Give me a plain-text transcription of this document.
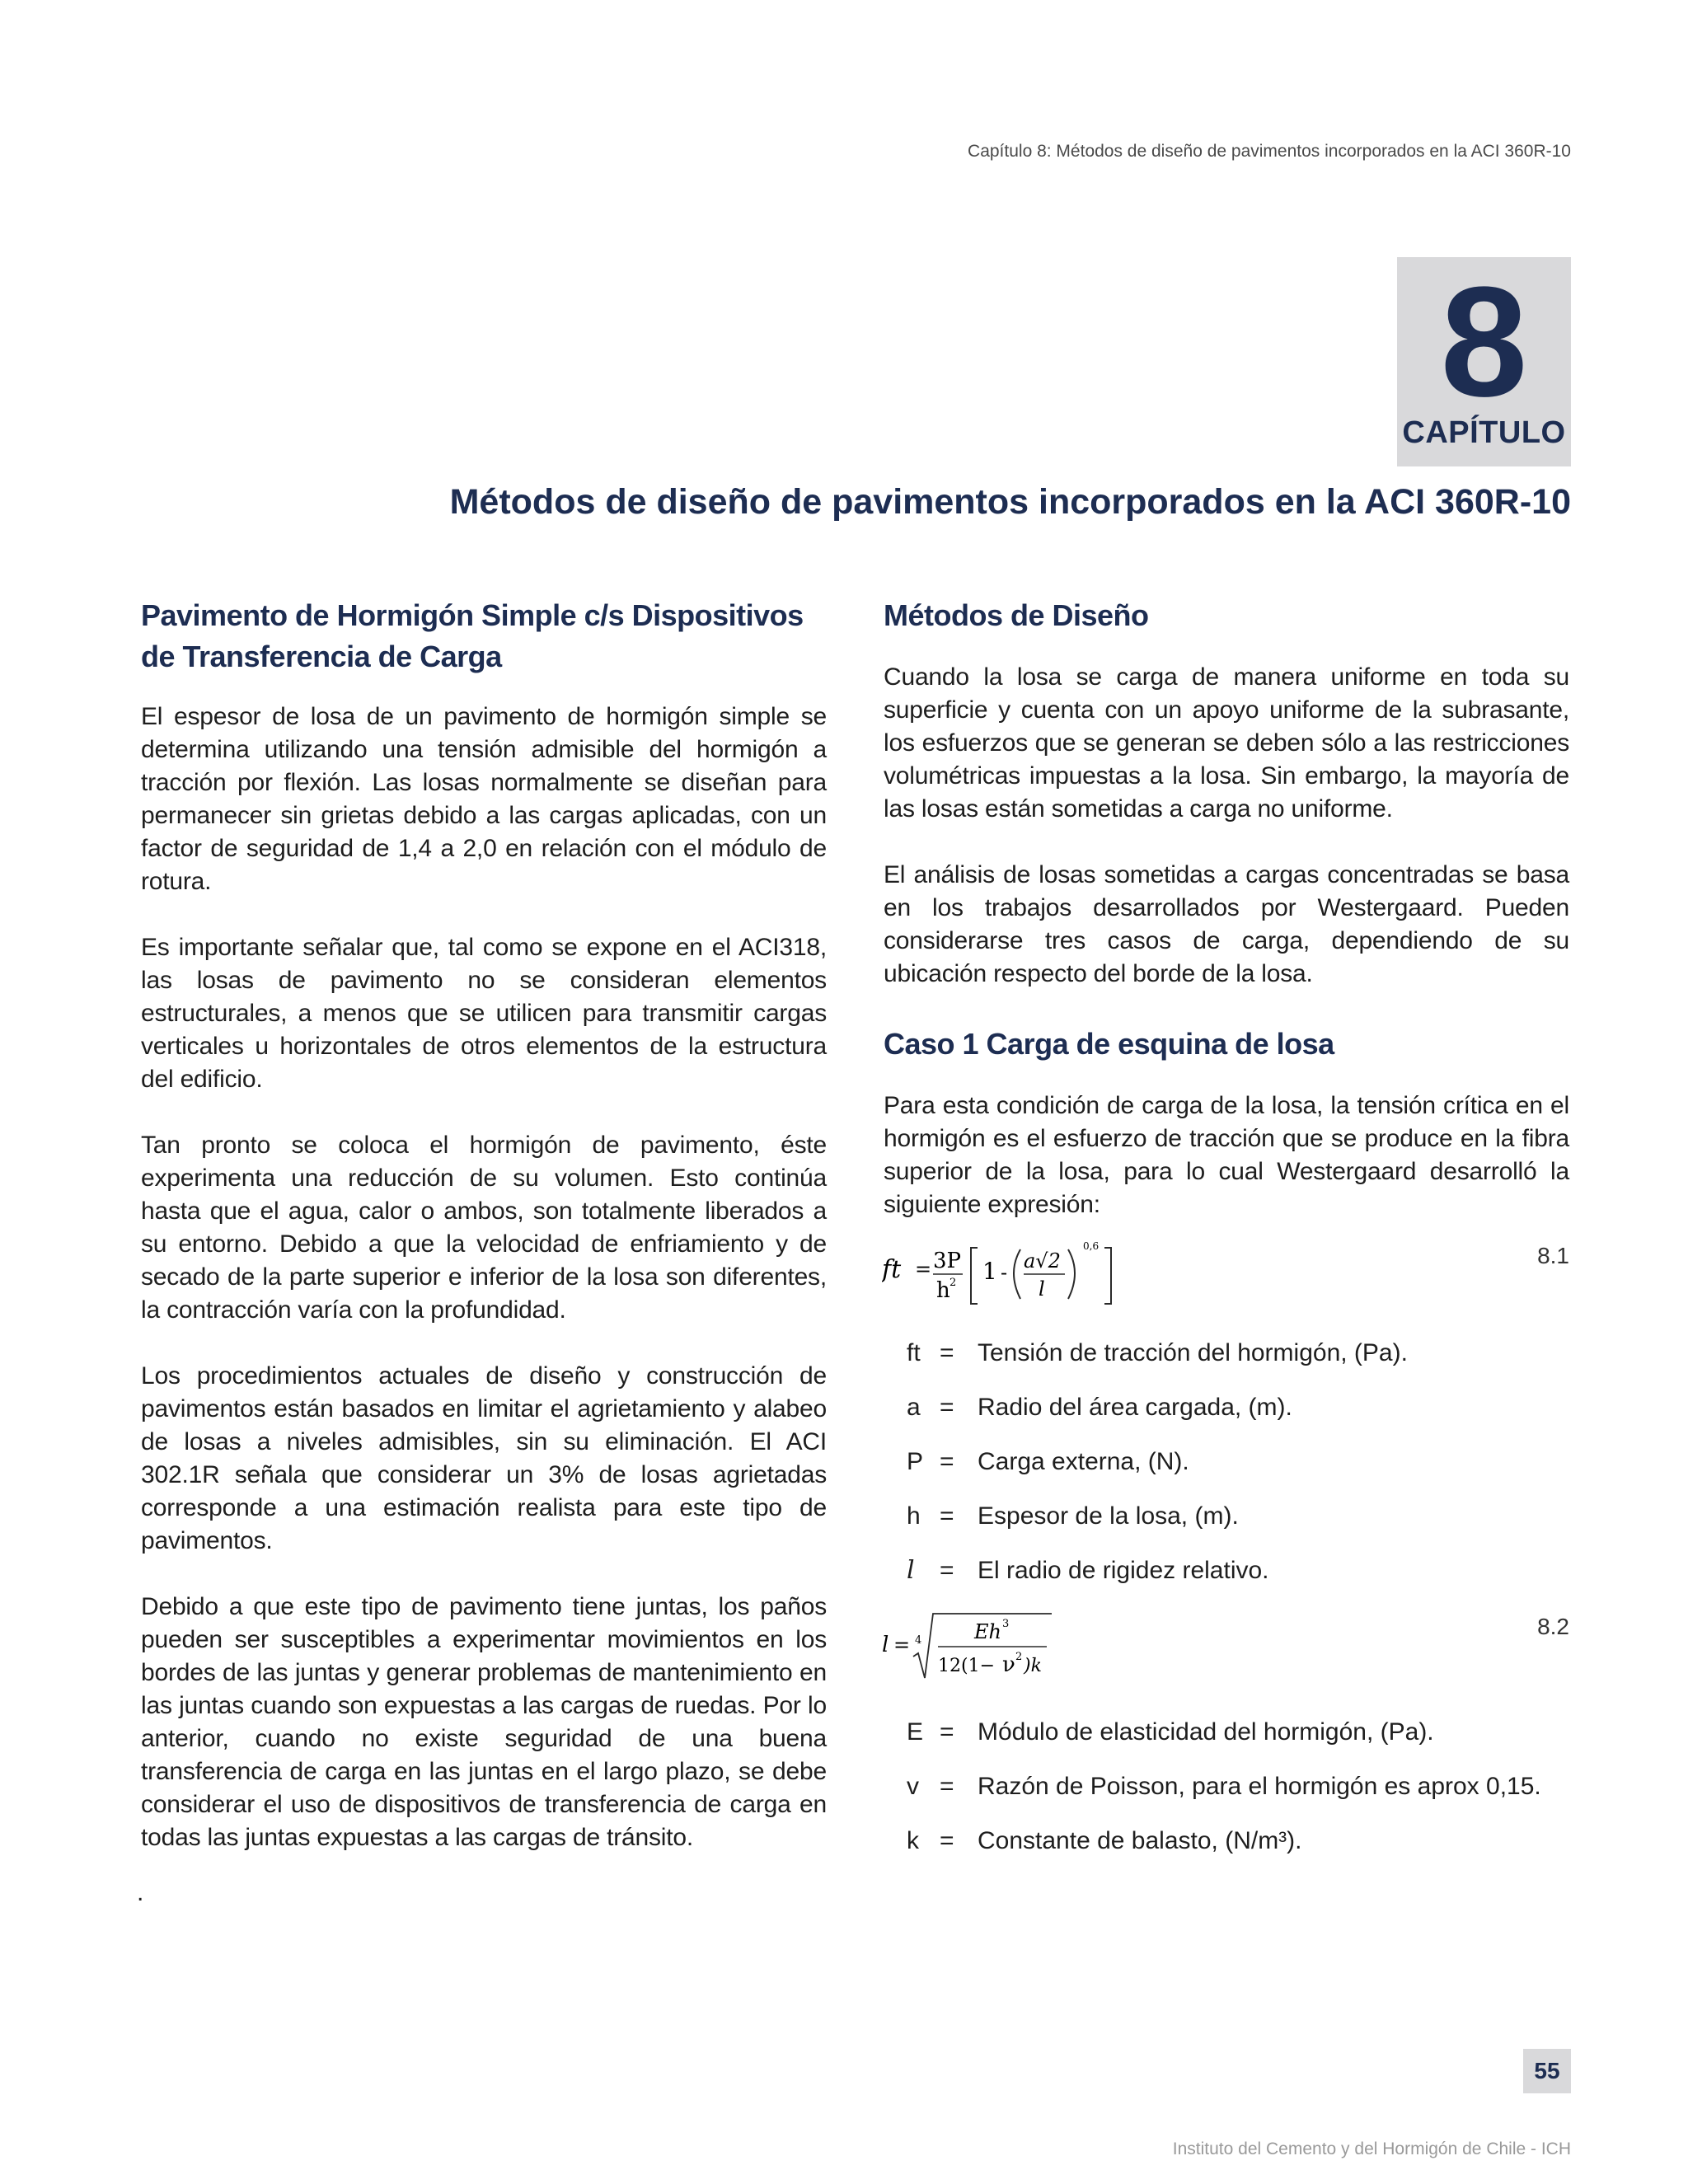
Capítulo 8: Métodos de diseño de pavimentos incorporados en la ACI 360R-10
8
CAPÍTULO
Métodos de diseño de pavimentos incorporados en la ACI 360R-10
Pavimento de Hormigón Simple c/s Dispositivos de Transferencia de Carga

El espesor de losa de un pavimento de hormigón simple se determina utilizando una tensión admisible del hormigón a tracción por flexión. Las losas normalmente se diseñan para permanecer sin grietas debido a las cargas aplicadas, con un factor de seguridad de 1,4 a 2,0 en relación con el módulo de rotura.

Es importante señalar que, tal como se expone en el ACI318, las losas de pavimento no se consideran elementos estructurales, a menos que se utilicen para transmitir cargas verticales u horizontales de otros elementos de la estructura del edificio.

Tan pronto se coloca el hormigón de pavimento, éste experimenta una reducción de su volumen. Esto continúa hasta que el agua, calor o ambos, son totalmente liberados a su entorno. Debido a que la velocidad de enfriamiento y de secado de la parte superior e inferior de la losa son diferentes, la contracción varía con la profundidad.

Los procedimientos actuales de diseño y construcción de pavimentos están basados en limitar el agrietamiento y alabeo de losas a niveles admisibles, sin su eliminación. El ACI 302.1R señala que considerar un 3% de losas agrietadas corresponde a una estimación realista para este tipo de pavimentos.

Debido a que este tipo de pavimento tiene juntas, los paños pueden ser susceptibles a experimentar movimientos en los bordes de las juntas y generar problemas de mantenimiento en las juntas cuando son expuestas a las cargas de ruedas. Por lo anterior, cuando no existe seguridad de una buena transferencia de carga en las juntas en el largo plazo, se debe considerar el uso de dispositivos de transferencia de carga en todas las juntas expuestas a las cargas de tránsito.

.
Métodos de Diseño

Cuando la losa se carga de manera uniforme en toda su superficie y cuenta con un apoyo uniforme de la subrasante, los esfuerzos que se generan se deben sólo a las restricciones volumétricas impuestas a la losa. Sin embargo, la mayoría de las losas están sometidas a carga no uniforme.

El análisis de losas sometidas a cargas concentradas se basa en los trabajos desarrollados por Westergaard. Pueden considerarse tres casos de carga, dependiendo de su ubicación respecto del borde de la losa.

Caso 1 Carga de esquina de losa

Para esta condición de carga de la losa, la tensión crítica en el hormigón es el esfuerzo de tracción que se produce en la fibra superior de la losa, para lo cual Westergaard desarrolló la siguiente expresión:

ft = 3P
h 2 1 - a√2
l
0,6	8.1
ft = Tensión de tracción del hormigón, (Pa).
a = Radio del área cargada, (m).
P = Carga externa, (N).
h = Espesor de la losa, (m).
l	= El radio de rigidez relativo.
l = 4	Eh 3
12(1− ν 2 )k
8.2
E = Módulo de elasticidad del hormigón, (Pa).
v = Razón de Poisson, para el hormigón es aprox 0,15.
k = Constante de balasto, (N/m³).
55
Instituto del Cemento y del Hormigón de Chile - ICH
